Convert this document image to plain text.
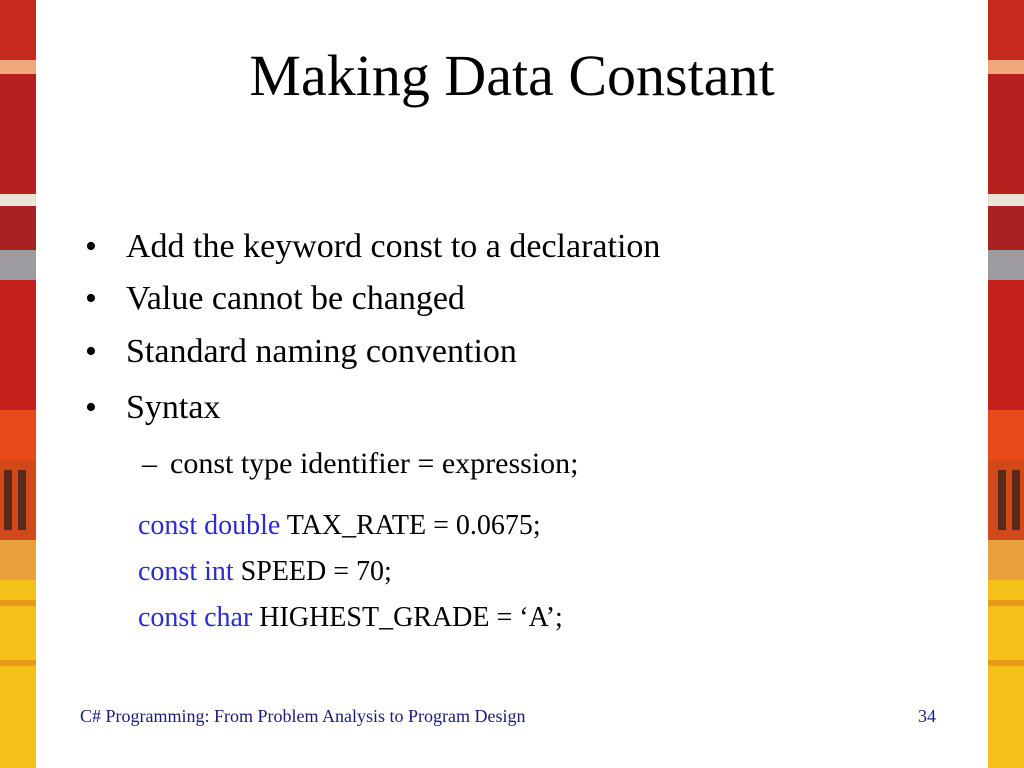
Making Data Constant
• Add the keyword const to a declaration
• Value cannot be changed
• Standard naming convention
• Syntax
– const type identifier = expression;
const double TAX_RATE = 0.0675;
const int SPEED = 70;
const char HIGHEST_GRADE = ‘A’;
C# Programming: From Problem Analysis to Program Design	34
